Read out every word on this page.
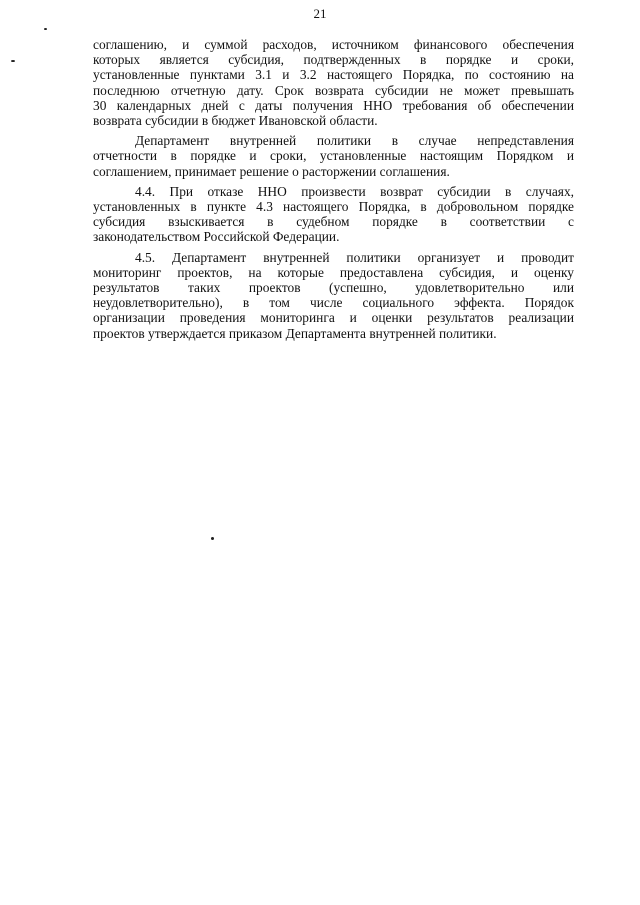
21
соглашению, и суммой расходов, источником финансового обеспечения
которых является субсидия, подтвержденных в порядке и сроки,
установленные пунктами 3.1 и 3.2 настоящего Порядка, по состоянию на
последнюю отчетную дату. Срок возврата субсидии не может превышать
30 календарных дней с даты получения ННО требования об обеспечении
возврата субсидии в бюджет Ивановской области.
Департамент внутренней политики в случае непредставления
отчетности в порядке и сроки, установленные настоящим Порядком и
соглашением, принимает решение о расторжении соглашения.
4.4. При отказе ННО произвести возврат субсидии в случаях,
установленных в пункте 4.3 настоящего Порядка, в добровольном порядке
субсидия взыскивается в судебном порядке в соответствии с
законодательством Российской Федерации.
4.5. Департамент внутренней политики организует и проводит
мониторинг проектов, на которые предоставлена субсидия, и оценку
результатов таких проектов (успешно, удовлетворительно или
неудовлетворительно), в том числе социального эффекта. Порядок
организации проведения мониторинга и оценки результатов реализации
проектов утверждается приказом Департамента внутренней политики.
